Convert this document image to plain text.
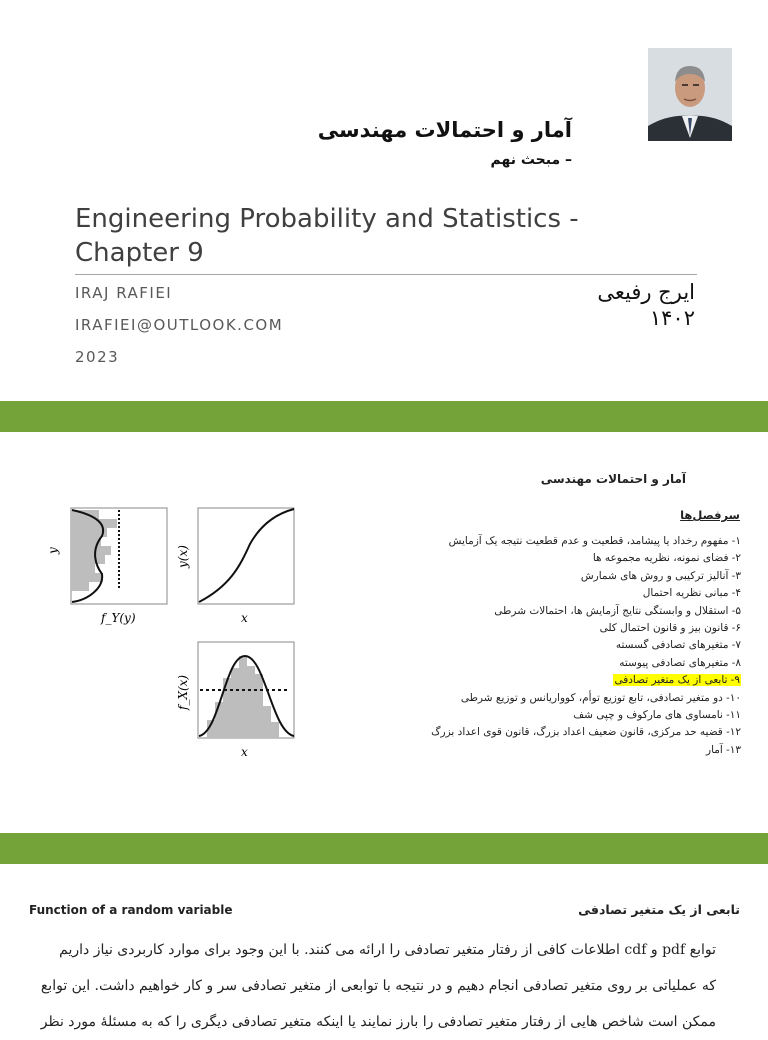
آمار و احتمالات مهندسی
– مبحث نهم
Engineering Probability and Statistics - Chapter 9
IRAJ RAFIEI
IRAFIEI@OUTLOOK.COM
2023
ایرج رفیعی
۱۴۰۲
آمار و احتمالات مهندسی
سرفصل‌ها
۱- مفهوم رخداد یا پیشامد، قطعیت و عدم قطعیت نتیجه یک آزمایش
۲- فضای نمونه، نظریه مجموعه ها
۳- آنالیز ترکیبی و روش های شمارش
۴- مبانی نظریه احتمال
۵- استقلال و وابستگی نتایج آزمایش ها، احتمالات شرطی
۶- قانون بیز و قانون احتمال کلی
۷- متغیرهای تصادفی گسسته
۸- متغیرهای تصادفی پیوسته
۹- تابعی از یک متغیر تصادفی
۱۰- دو متغیر تصادفی، تابع توزیع توأم، کوواریانس و توزیع شرطی
۱۱- نامساوی های مارکوف و چپی شف
۱۲- قضیه حد مرکزی، قانون ضعیف اعداد بزرگ، قانون قوی اعداد بزرگ
۱۳- آمار
y
f_Y(y)
y(x)
x
f_X(x)
x
Function of a random variable	تابعی از یک متغیر تصادفی

توابع pdf و cdf اطلاعات کافی از رفتار متغیر تصادفی را ارائه می کنند. با این وجود برای موارد کاربردی نیاز داریم

که عملیاتی بر روی متغیر تصادفی انجام دهیم و در نتیجه با توابعی از متغیر تصادفی سر و کار خواهیم داشت. این توابع

ممکن است شاخص هایی از رفتار متغیر تصادفی را بارز نمایند یا اینکه متغیر تصادفی دیگری را که به مسئلهٔ مورد نظر
